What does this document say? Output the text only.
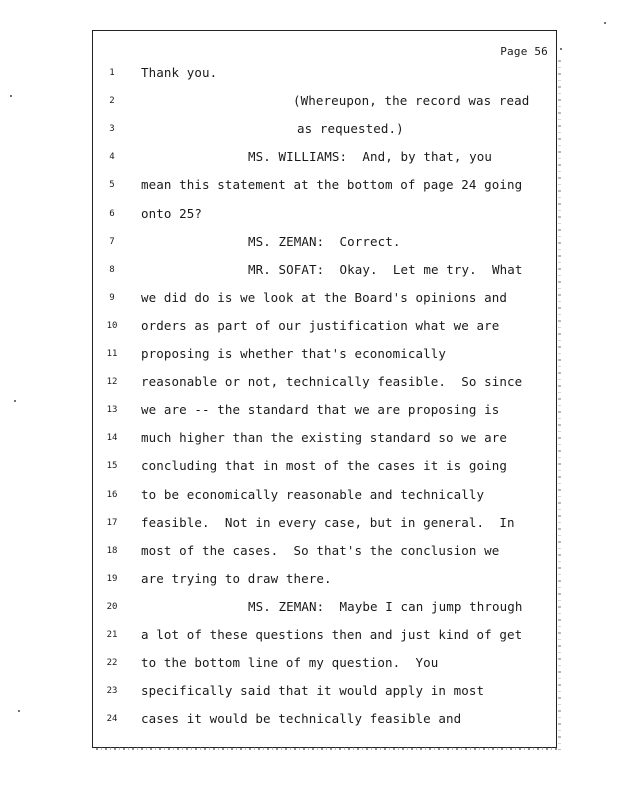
Page 56
1	Thank you.
2	(Whereupon, the record was read
3	as requested.)
4	MS. WILLIAMS:  And, by that, you
5	mean this statement at the bottom of page 24 going
6	onto 25?
7	MS. ZEMAN:  Correct.
8	MR. SOFAT:  Okay.  Let me try.  What
9	we did do is we look at the Board's opinions and
10	orders as part of our justification what we are
11	proposing is whether that's economically
12	reasonable or not, technically feasible.  So since
13	we are -- the standard that we are proposing is
14	much higher than the existing standard so we are
15	concluding that in most of the cases it is going
16	to be economically reasonable and technically
17	feasible.  Not in every case, but in general.  In
18	most of the cases.  So that's the conclusion we
19	are trying to draw there.
20	MS. ZEMAN:  Maybe I can jump through
21	a lot of these questions then and just kind of get
22	to the bottom line of my question.  You
23	specifically said that it would apply in most
24	cases it would be technically feasible and
